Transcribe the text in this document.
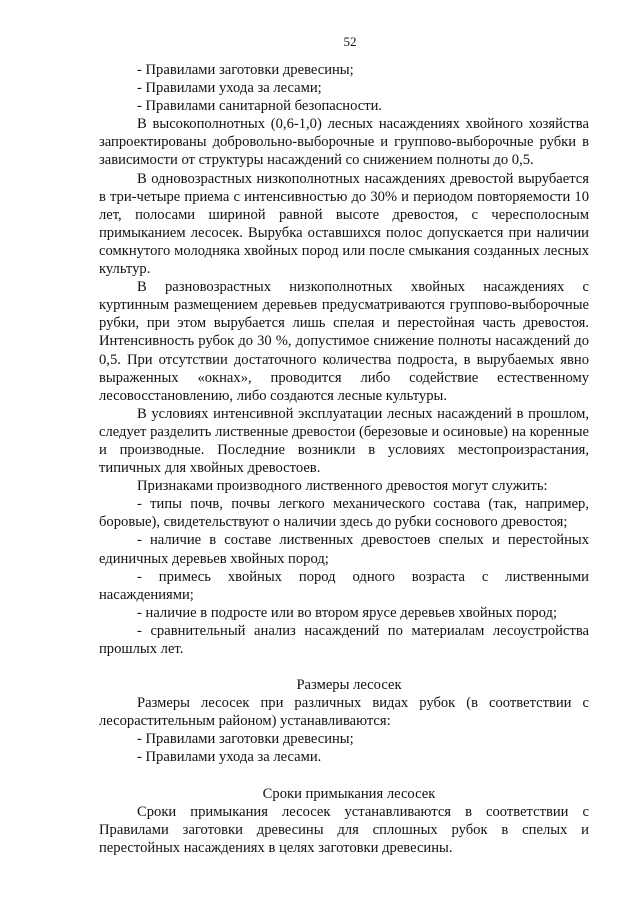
52

- Правилами заготовки древесины;

- Правилами ухода за лесами;

- Правилами санитарной безопасности.

В высокополнотных (0,6-1,0) лесных насаждениях хвойного хозяйства запроектированы добровольно-выборочные и группово-выборочные рубки в зависимости от структуры насаждений со снижением полноты до 0,5.

В одновозрастных низкополнотных насаждениях древостой вырубается в три-четыре приема с интенсивностью до 30% и периодом повторяемости 10 лет, полосами шириной равной высоте древостоя, с чересполосным примыканием лесосек. Вырубка оставшихся полос допускается при наличии сомкнутого молодняка хвойных пород или после смыкания созданных лесных культур.

В разновозрастных низкополнотных хвойных насаждениях с куртинным размещением деревьев предусматриваются группово-выборочные рубки, при этом вырубается лишь спелая и перестойная часть древостоя. Интенсивность рубок до 30 %, допустимое снижение полноты насаждений до 0,5. При отсутствии достаточного количества подроста, в вырубаемых явно выраженных «окнах», проводится либо содействие естественному лесовосстановлению, либо создаются лесные культуры.

В условиях интенсивной эксплуатации лесных насаждений в прошлом, следует разделить лиственные древостои (березовые и осиновые) на коренные и производные. Последние возникли в условиях местопроизрастания, типичных для хвойных древостоев.

Признаками производного лиственного древостоя могут служить:

- типы почв, почвы легкого механического состава (так, например, боровые), свидетельствуют о наличии здесь до рубки соснового древостоя;

- наличие в составе лиственных древостоев спелых и перестойных единичных деревьев хвойных пород;

- примесь хвойных пород одного возраста с лиственными насаждениями;

- наличие в подросте или во втором ярусе деревьев хвойных пород;

- сравнительный анализ насаждений по материалам лесоустройства прошлых лет.

Размеры лесосек

Размеры лесосек при различных видах рубок (в соответствии с лесорастительным районом) устанавливаются:

- Правилами заготовки древесины;

- Правилами ухода за лесами.

Сроки примыкания лесосек

Сроки примыкания лесосек устанавливаются в соответствии с Правилами заготовки древесины для сплошных рубок в спелых и перестойных насаждениях в целях заготовки древесины.
